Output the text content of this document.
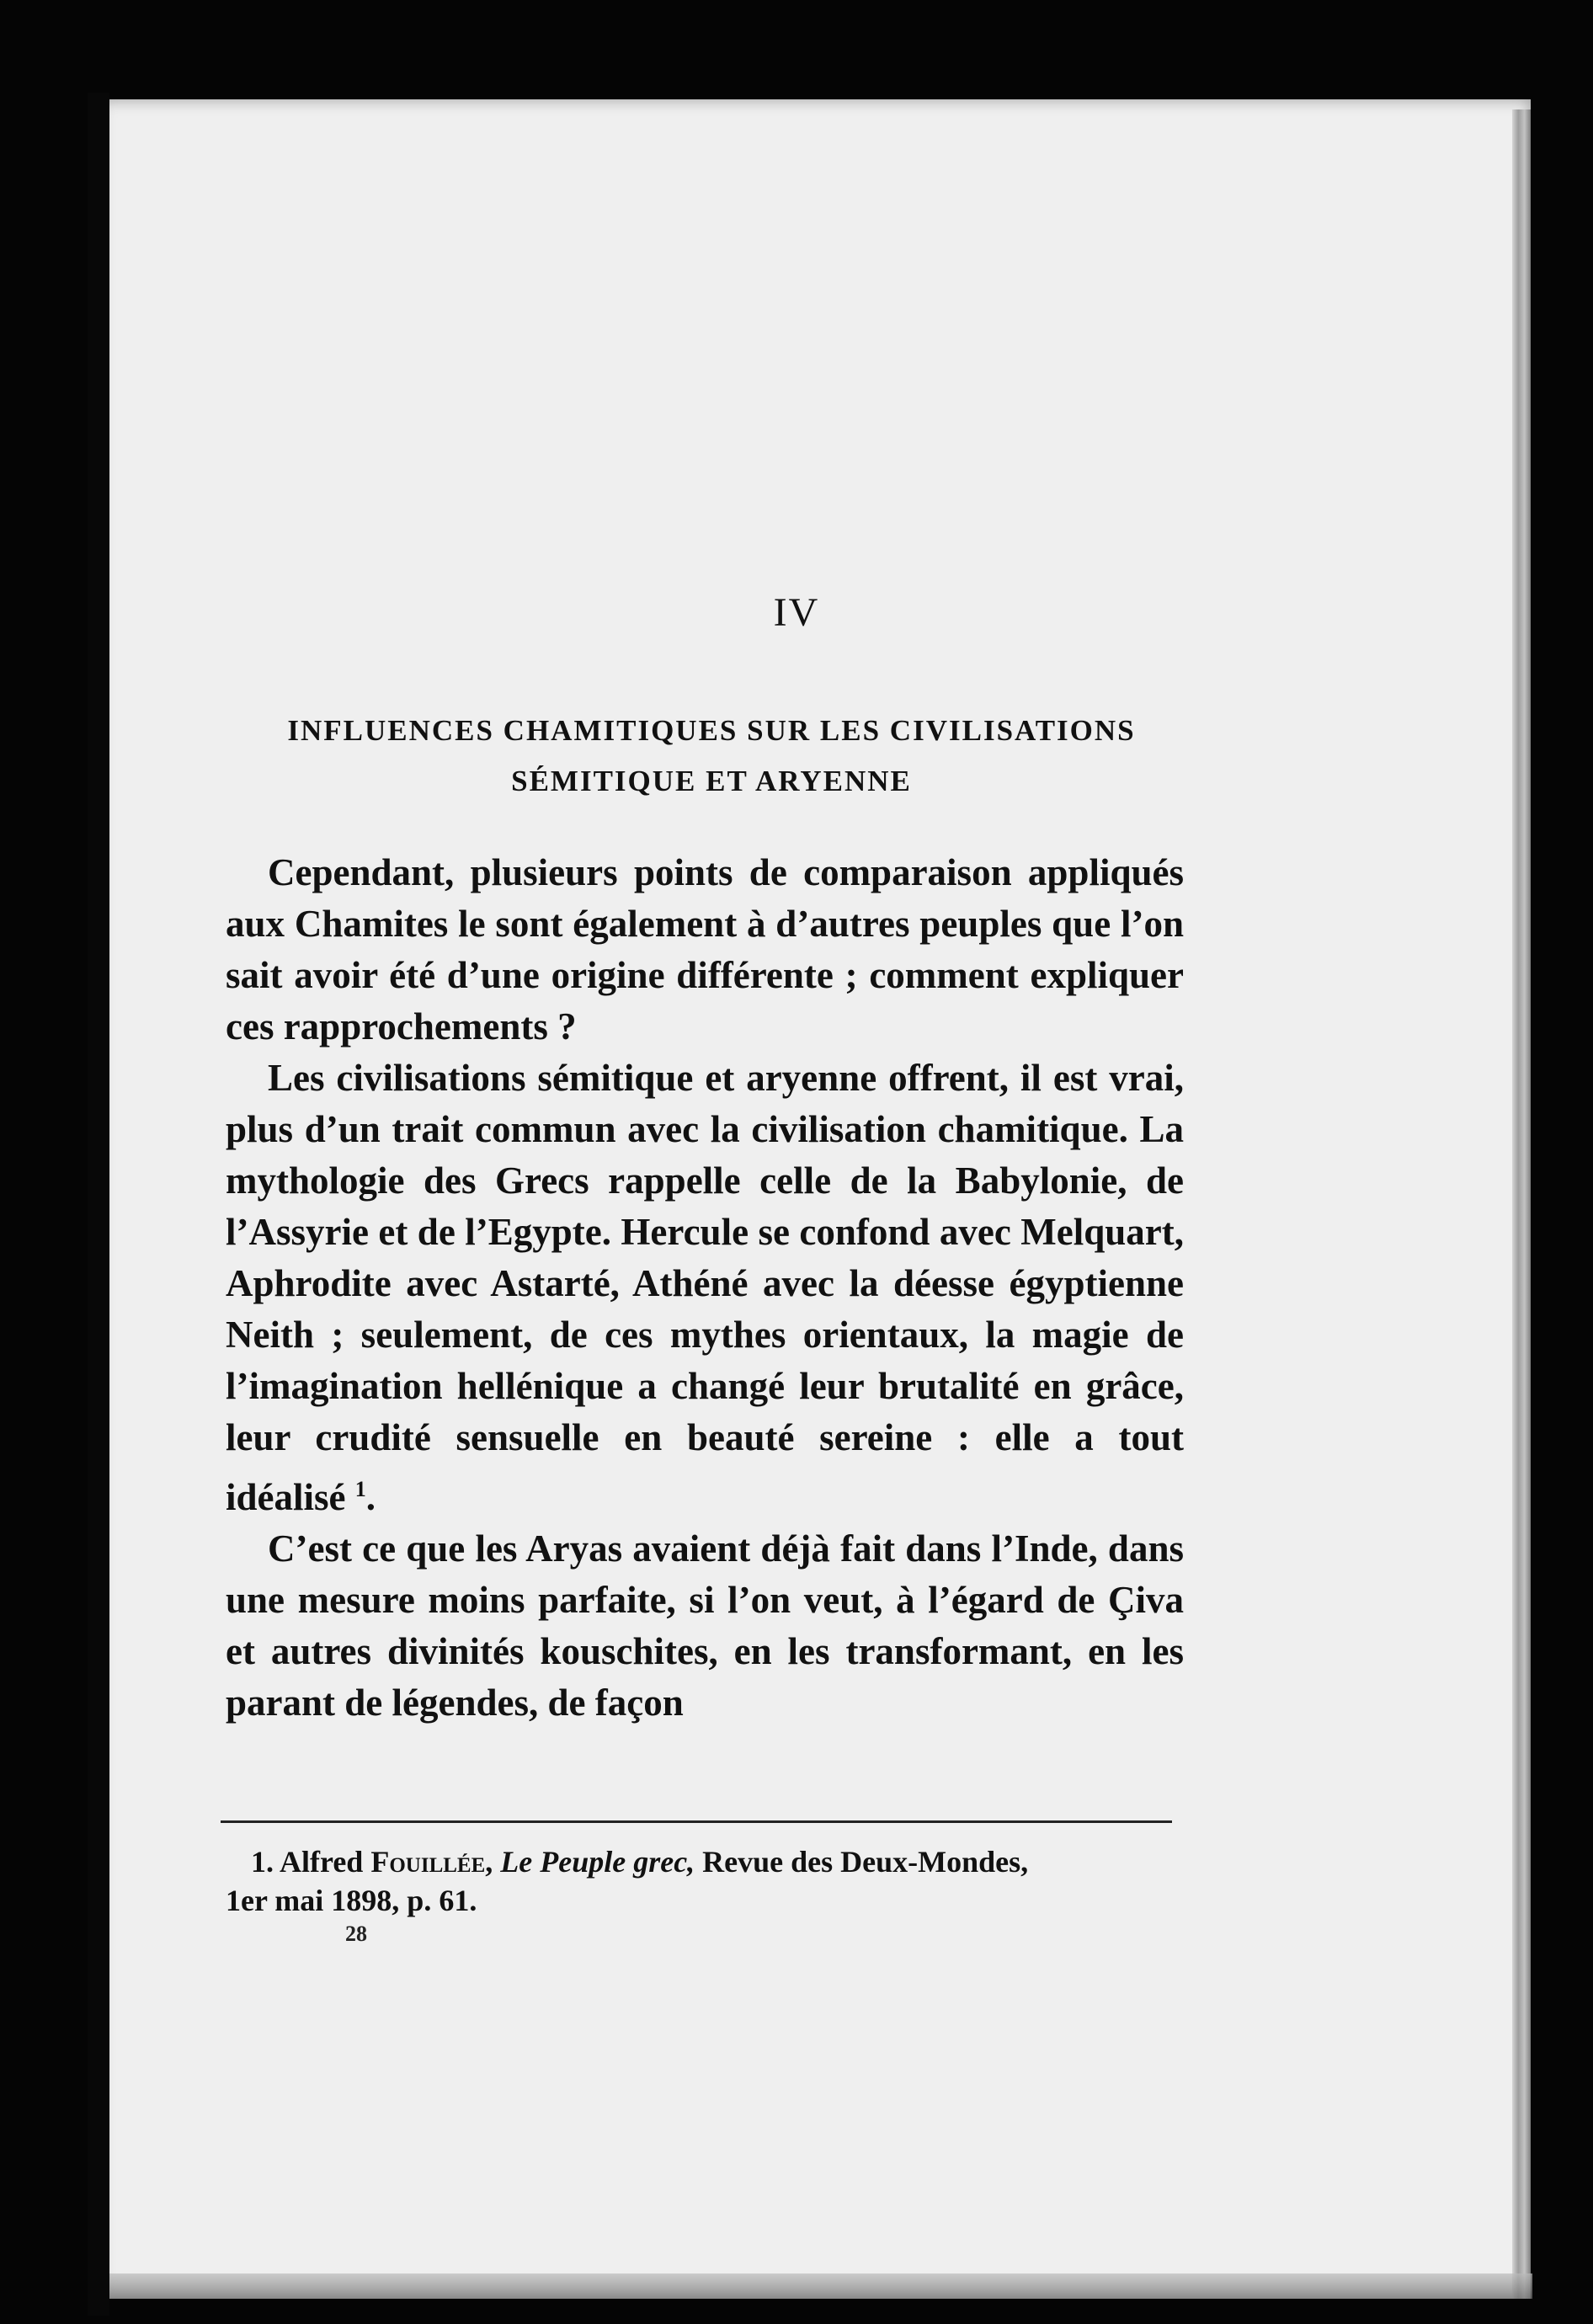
IV
INFLUENCES CHAMITIQUES SUR LES CIVILISATIONS
SÉMITIQUE ET ARYENNE

Cependant, plusieurs points de comparaison appliqués aux Chamites le sont également à d’autres peuples que l’on sait avoir été d’une origine différente ; comment expliquer ces rapprochements ?

Les civilisations sémitique et aryenne offrent, il est vrai, plus d’un trait commun avec la civilisation chamitique. La mythologie des Grecs rappelle celle de la Babylonie, de l’Assyrie et de l’Egypte. Hercule se confond avec Melquart, Aphrodite avec Astarté, Athéné avec la déesse égyptienne Neith ; seulement, de ces mythes orientaux, la magie de l’imagination hellénique a changé leur brutalité en grâce, leur crudité sensuelle en beauté sereine : elle a tout idéalisé $^1$.

C’est ce que les Aryas avaient déjà fait dans l’Inde, dans une mesure moins parfaite, si l’on veut, à l’égard de Çiva et autres divinités kouschites, en les transformant, en les parant de légendes, de façon

1. Alfred Fouillée, Le Peuple grec, Revue des Deux-Mondes,
1er mai 1898, p. 61.
28
